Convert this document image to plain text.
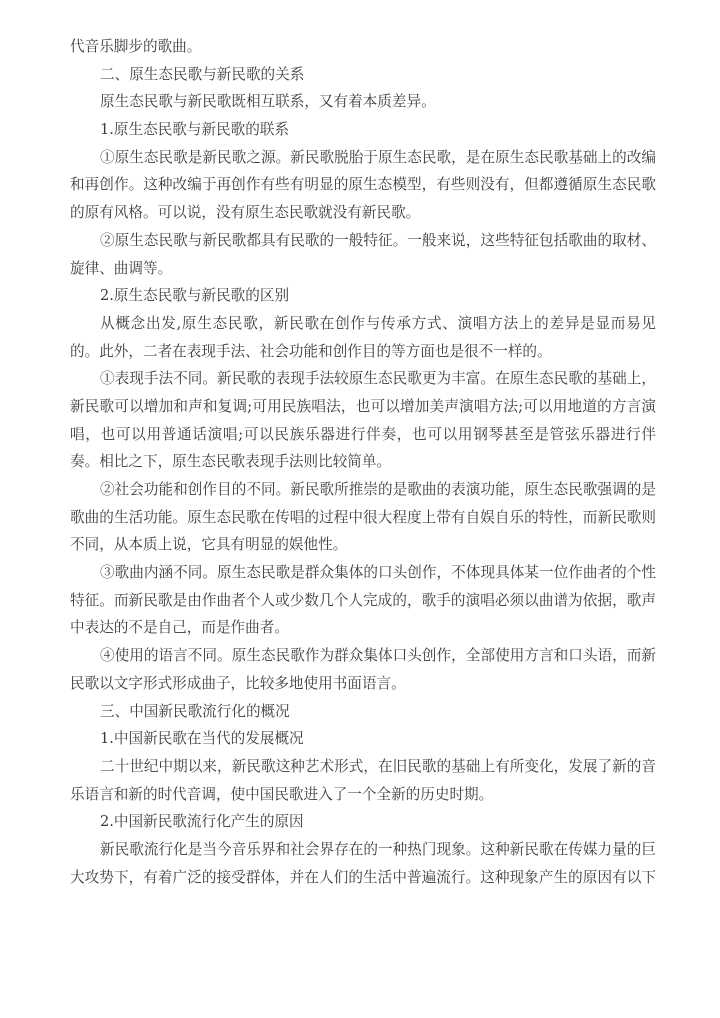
代音乐脚步的歌曲。
二、原生态民歌与新民歌的关系
原生态民歌与新民歌既相互联系，又有着本质差异。
1.原生态民歌与新民歌的联系
①原生态民歌是新民歌之源。新民歌脱胎于原生态民歌，是在原生态民歌基础上的改编
和再创作。这种改编于再创作有些有明显的原生态模型，有些则没有，但都遵循原生态民歌
的原有风格。可以说，没有原生态民歌就没有新民歌。
②原生态民歌与新民歌都具有民歌的一般特征。一般来说，这些特征包括歌曲的取材、
旋律、曲调等。
2.原生态民歌与新民歌的区别
从概念出发,原生态民歌，新民歌在创作与传承方式、演唱方法上的差异是显而易见
的。此外，二者在表现手法、社会功能和创作目的等方面也是很不一样的。
①表现手法不同。新民歌的表现手法较原生态民歌更为丰富。在原生态民歌的基础上，
新民歌可以增加和声和复调;可用民族唱法，也可以增加美声演唱方法;可以用地道的方言演
唱，也可以用普通话演唱;可以民族乐器进行伴奏，也可以用钢琴甚至是管弦乐器进行伴
奏。相比之下，原生态民歌表现手法则比较简单。
②社会功能和创作目的不同。新民歌所推崇的是歌曲的表演功能，原生态民歌强调的是
歌曲的生活功能。原生态民歌在传唱的过程中很大程度上带有自娱自乐的特性，而新民歌则
不同，从本质上说，它具有明显的娱他性。
③歌曲内涵不同。原生态民歌是群众集体的口头创作，不体现具体某一位作曲者的个性
特征。而新民歌是由作曲者个人或少数几个人完成的，歌手的演唱必须以曲谱为依据，歌声
中表达的不是自己，而是作曲者。
④使用的语言不同。原生态民歌作为群众集体口头创作，全部使用方言和口头语，而新
民歌以文字形式形成曲子，比较多地使用书面语言。
三、中国新民歌流行化的概况
1.中国新民歌在当代的发展概况
二十世纪中期以来，新民歌这种艺术形式，在旧民歌的基础上有所变化，发展了新的音
乐语言和新的时代音调，使中国民歌进入了一个全新的历史时期。
2.中国新民歌流行化产生的原因
新民歌流行化是当今音乐界和社会界存在的一种热门现象。这种新民歌在传媒力量的巨
大攻势下，有着广泛的接受群体，并在人们的生活中普遍流行。这种现象产生的原因有以下
